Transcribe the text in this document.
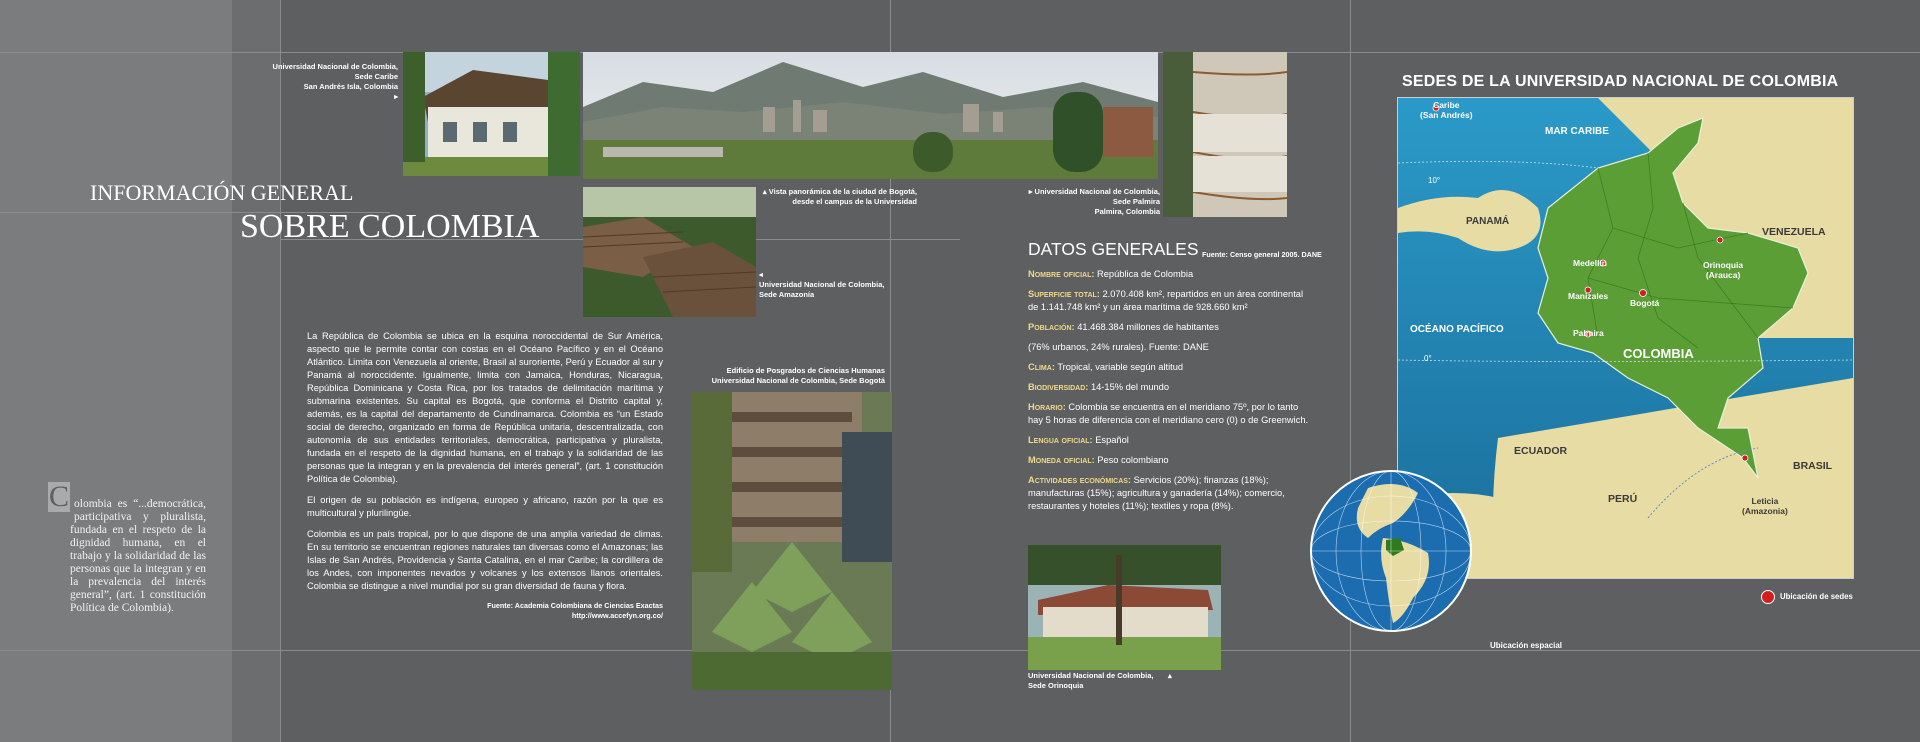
Universidad Nacional de Colombia,
Sede Caribe
San Andrés Isla, Colombia
▸
▴ Vista panorámica de la ciudad de Bogotá,
desde el campus de la Universidad
▸ Universidad Nacional de Colombia,
Sede Palmira
Palmira, Colombia
◂
Universidad Nacional de Colombia,
Sede Amazonía
Edificio de Posgrados de Ciencias Humanas
Universidad Nacional de Colombia, Sede Bogotá
Universidad Nacional de Colombia,       ▴
Sede Orinoquia
INFORMACIÓN GENERAL
SOBRE COLOMBIA

La República de Colombia se ubica en la esquina noroccidental de Sur América, aspecto que le permite contar con costas en el Océano Pacífico y en el Océano Atlántico. Limita con Venezuela al oriente, Brasil al suroriente, Perú y Ecuador al sur y Panamá al noroccidente. Igualmente, limita con Jamaica, Honduras, Nicaragua, República Dominicana y Costa Rica, por los tratados de delimitación marítima y submarina existentes. Su capital es Bogotá, que conforma el Distrito capital y, además, es la capital del departamento de Cundinamarca. Colombia es “un Estado social de derecho, organizado en forma de República unitaria, descentralizada, con autonomía de sus entidades territoriales, democrática, participativa y pluralista, fundada en el respeto de la dignidad humana, en el trabajo y la solidaridad de las personas que la integran y en la prevalencia del interés general”, (art. 1 constitución Política de Colombia).

El origen de su población es indígena, europeo y africano, razón por la que es multicultural y plurilingüe.

Colombia es un país tropical, por lo que dispone de una amplia variedad de climas. En su territorio se encuentran regiones naturales tan diversas como el Amazonas; las Islas de San Andrés, Providencia y Santa Catalina, en el mar Caribe; la cordillera de los Andes, con imponentes nevados y volcanes y los extensos llanos orientales. Colombia se distingue a nivel mundial por su gran diversidad de fauna y flora.

Fuente: Academia Colombiana de Ciencias Exactas
http://www.accefyn.org.co/
C olombia es “...democrática, participativa y pluralista, fundada en el respeto de la dignidad humana, en el trabajo y la solidaridad de las personas que la integran y en la prevalencia del interés general”, (art. 1 constitución Política de Colombia).
DATOS GENERALES Fuente: Censo general 2005. DANE
Nombre oficial: República de Colombia
Superficie total: 2.070.408 km², repartidos en un área continental de 1.141.748 km² y un área marítima de 928.660 km²
Población: 41.468.384 millones de habitantes
(76% urbanos, 24% rurales). Fuente: DANE
Clima: Tropical, variable según altitud
Biodiversidad: 14-15% del mundo
Horario: Colombia se encuentra en el meridiano 75º, por lo tanto hay 5 horas de diferencia con el meridiano cero (0) o de Greenwich.
Lengua oficial: Español
Moneda oficial: Peso colombiano
Actividades económicas: Servicios (20%); finanzas (18%); manufacturas (15%); agricultura y ganadería (14%); comercio, restaurantes y hoteles (11%); textiles y ropa (8%).
SEDES DE LA UNIVERSIDAD NACIONAL DE COLOMBIA
Caribe
(San Andrés)
MAR CARIBE
10°
PANAMÁ
VENEZUELA
Medellín	Orinoquia
(Arauca)
Manizales
Bogotá
OCÉANO PACÍFICO	Palmira
COLOMBIA
0°
ECUADOR
BRASIL
PERÚ	Leticia
(Amazonia)
Ubicación espacial
Ubicación de sedes
